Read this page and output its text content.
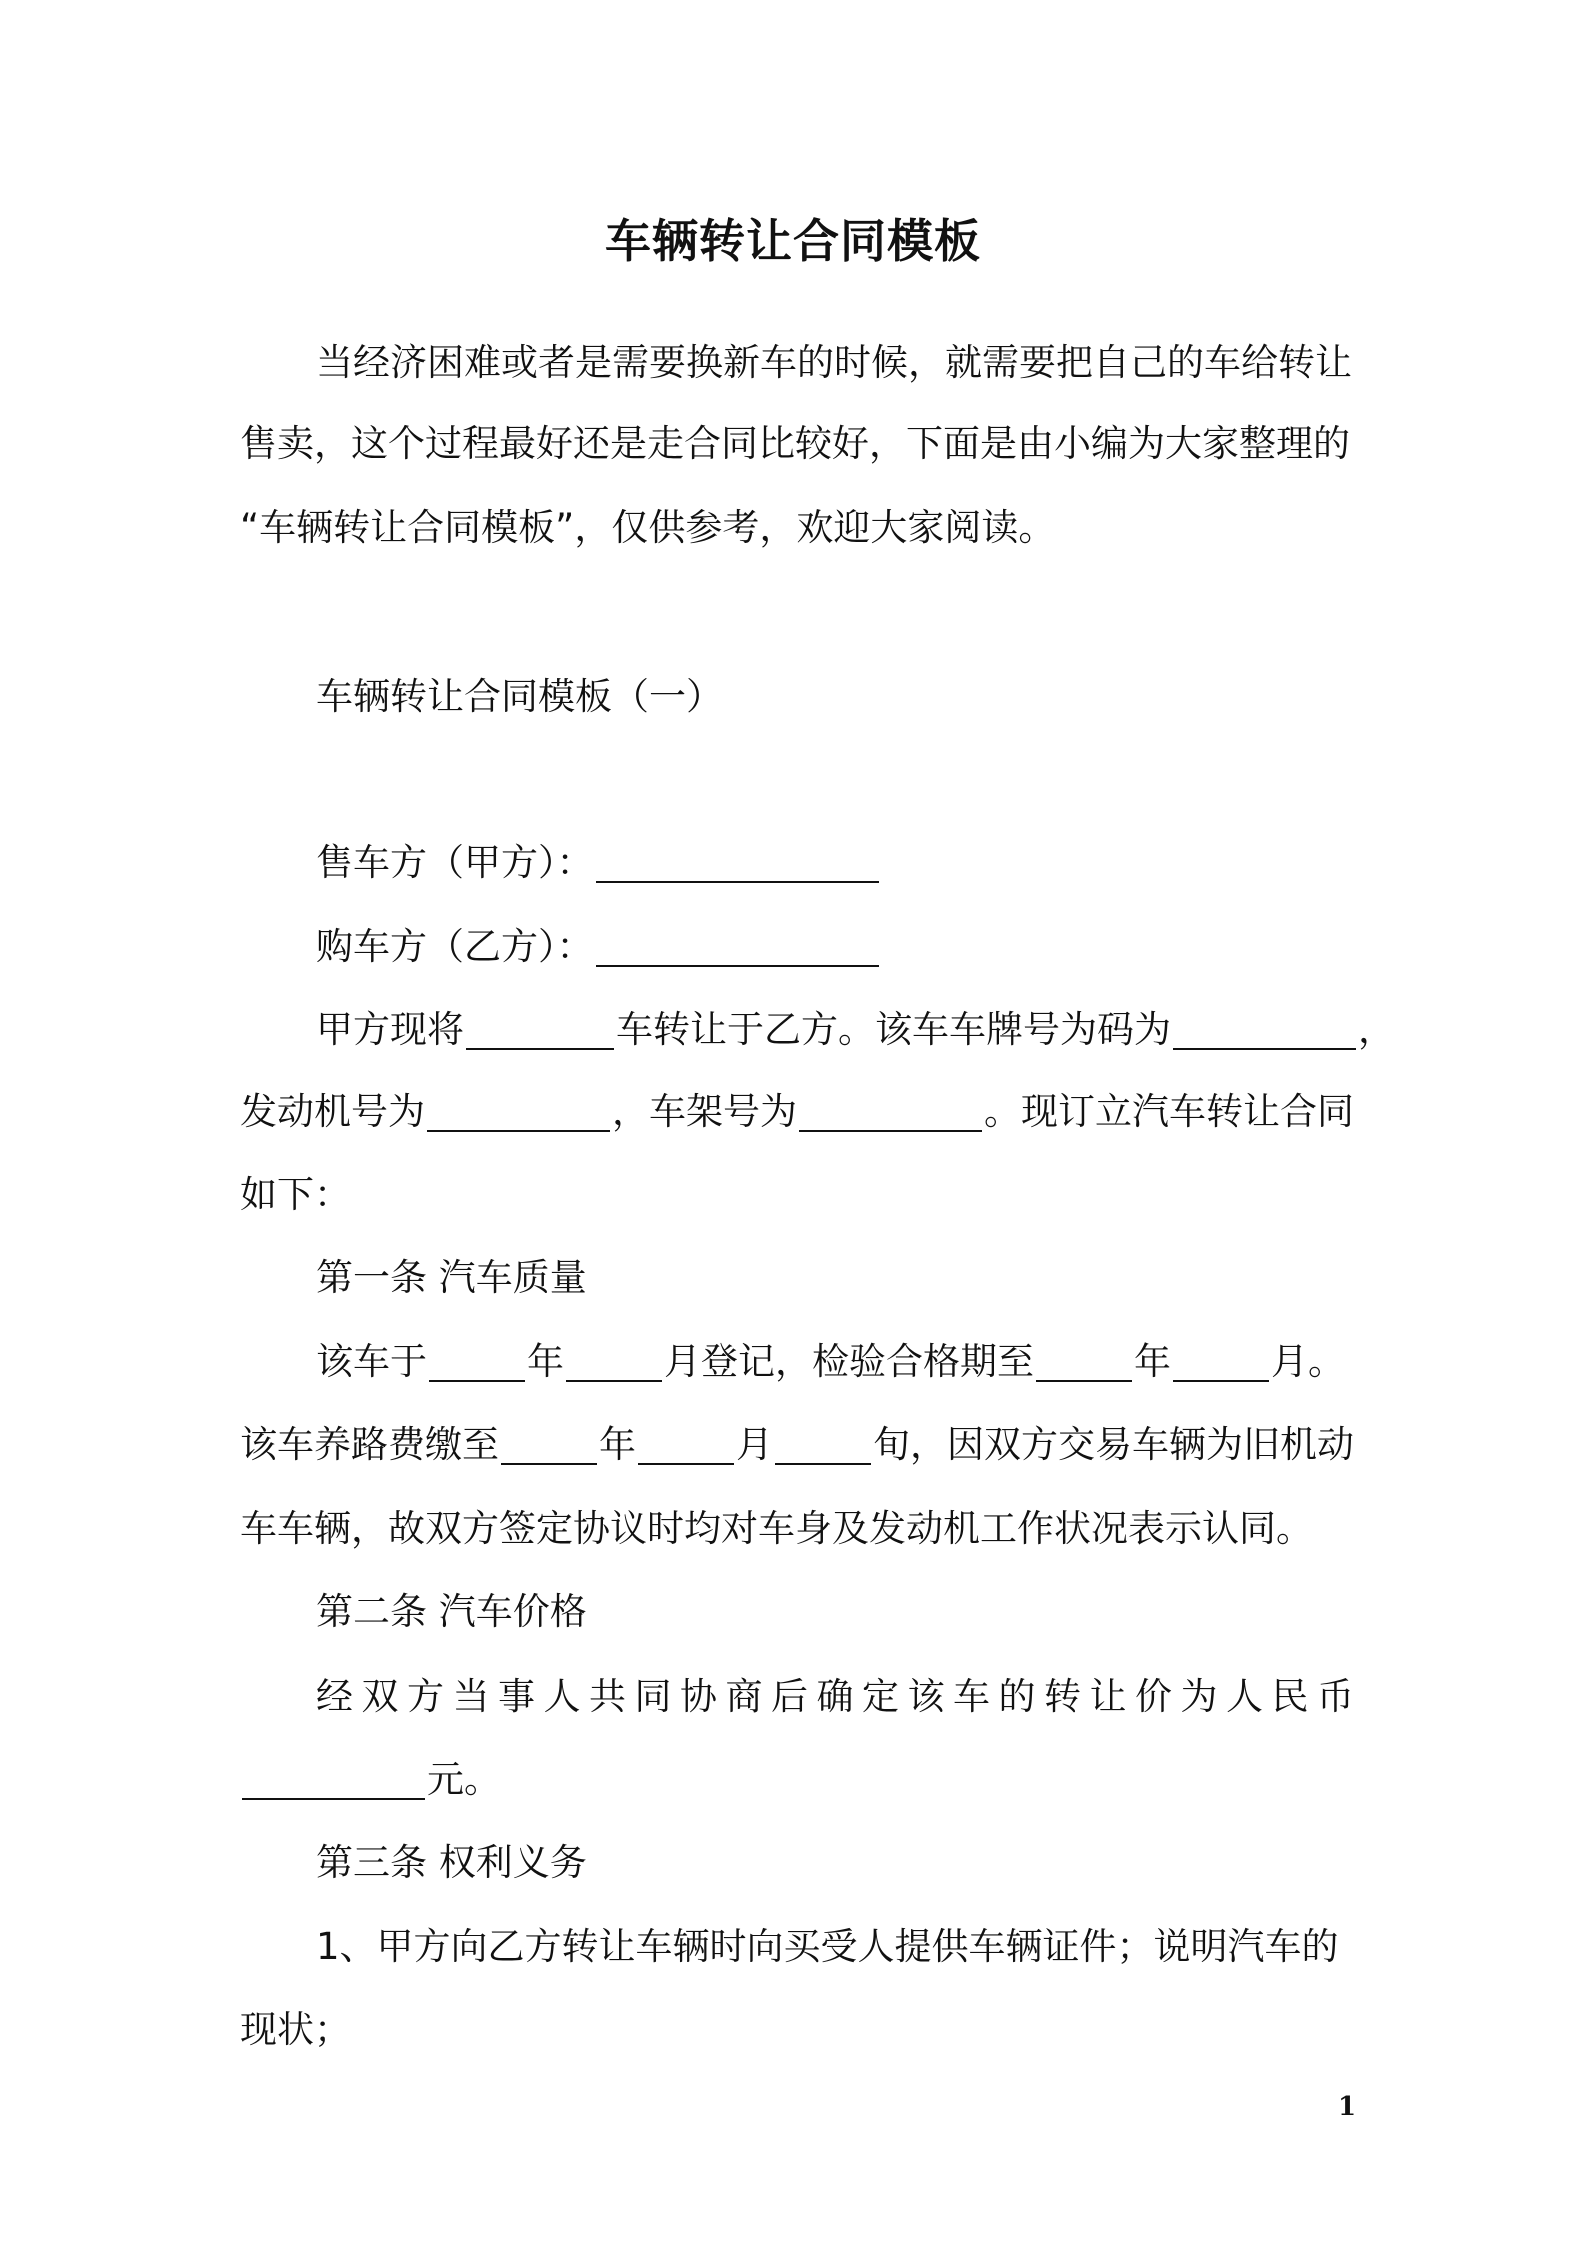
车辆转让合同模板
当经济困难或者是需要换新车的时候，就需要把自己的车给转让
售卖，这个过程最好还是走合同比较好，下面是由小编为大家整理的
“车辆转让合同模板”，仅供参考，欢迎大家阅读。
车辆转让合同模板（一）
售车方（甲方）：
购车方（乙方）：
甲方现将	车转让于乙方。该车车牌号为码为	，
发动机号为	，车架号为	。现订立汽车转让合同
如下：
第一条 汽车质量
该车于	年	月登记，检验合格期至	年	月。
该车养路费缴至	年	月	旬，因双方交易车辆为旧机动
车车辆，故双方签定协议时均对车身及发动机工作状况表示认同。
第二条 汽车价格
经双方当事人共同协商后确定该车的转让价为人民币
元。
第三条 权利义务
1、甲方向乙方转让车辆时向买受人提供车辆证件；说明汽车的
现状；
1
